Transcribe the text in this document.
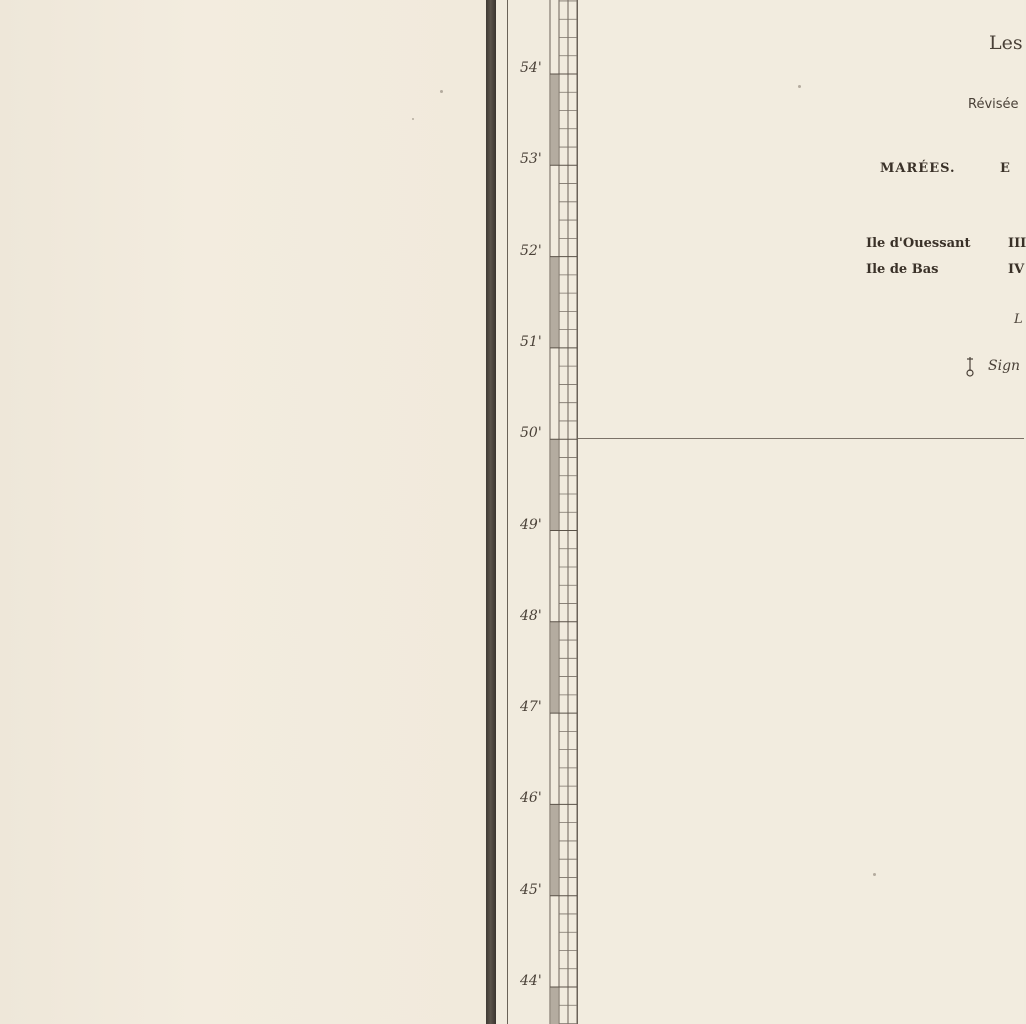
54'
53'
52'
51'
50'
49'
48'
47'
46'
45'
44'
Les
Révisée
MARÉES.	E
Ile d'Ouessant	III
Ile de Bas	IV
L
Sign
